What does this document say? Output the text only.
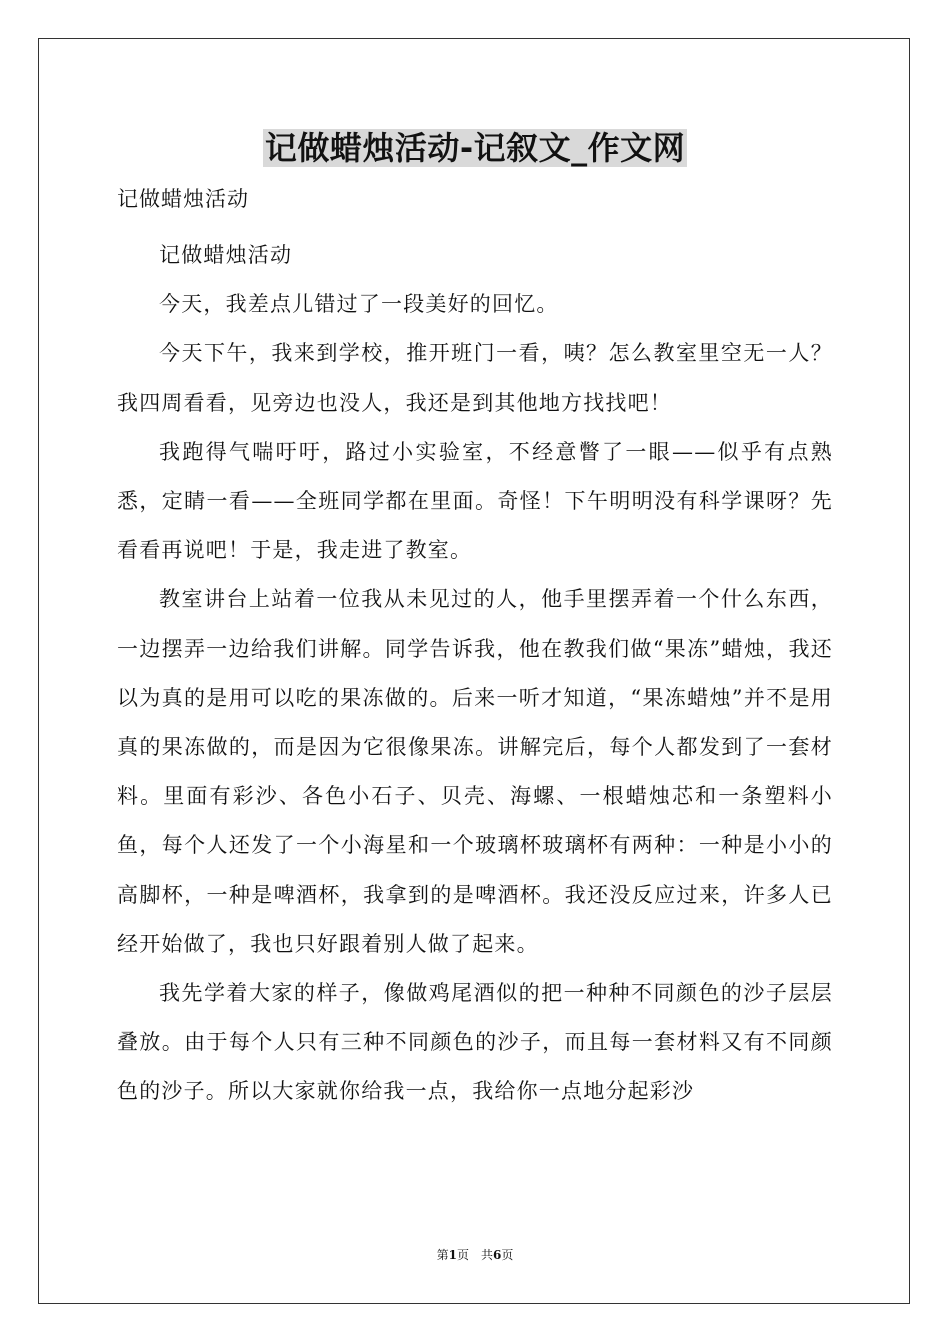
记做蜡烛活动-记叙文_作文网
记做蜡烛活动

记做蜡烛活动

今天，我差点儿错过了一段美好的回忆。

今天下午，我来到学校，推开班门一看，咦？怎么教室里空无一人？我四周看看，见旁边也没人，我还是到其他地方找找吧！

我跑得气喘吁吁，路过小实验室，不经意瞥了一眼——似乎有点熟悉，定睛一看——全班同学都在里面。奇怪！下午明明没有科学课呀？先看看再说吧！于是，我走进了教室。

教室讲台上站着一位我从未见过的人，他手里摆弄着一个什么东西，一边摆弄一边给我们讲解。同学告诉我，他在教我们做“果冻”蜡烛，我还以为真的是用可以吃的果冻做的。后来一听才知道，“果冻蜡烛”并不是用真的果冻做的，而是因为它很像果冻。讲解完后，每个人都发到了一套材料。里面有彩沙、各色小石子、贝壳、海螺、一根蜡烛芯和一条塑料小鱼，每个人还发了一个小海星和一个玻璃杯玻璃杯有两种：一种是小小的高脚杯，一种是啤酒杯，我拿到的是啤酒杯。我还没反应过来，许多人已经开始做了，我也只好跟着别人做了起来。

我先学着大家的样子，像做鸡尾酒似的把一种种不同颜色的沙子层层叠放。由于每个人只有三种不同颜色的沙子，而且每一套材料又有不同颜色的沙子。所以大家就你给我一点，我给你一点地分起彩沙

第1页　共6页
